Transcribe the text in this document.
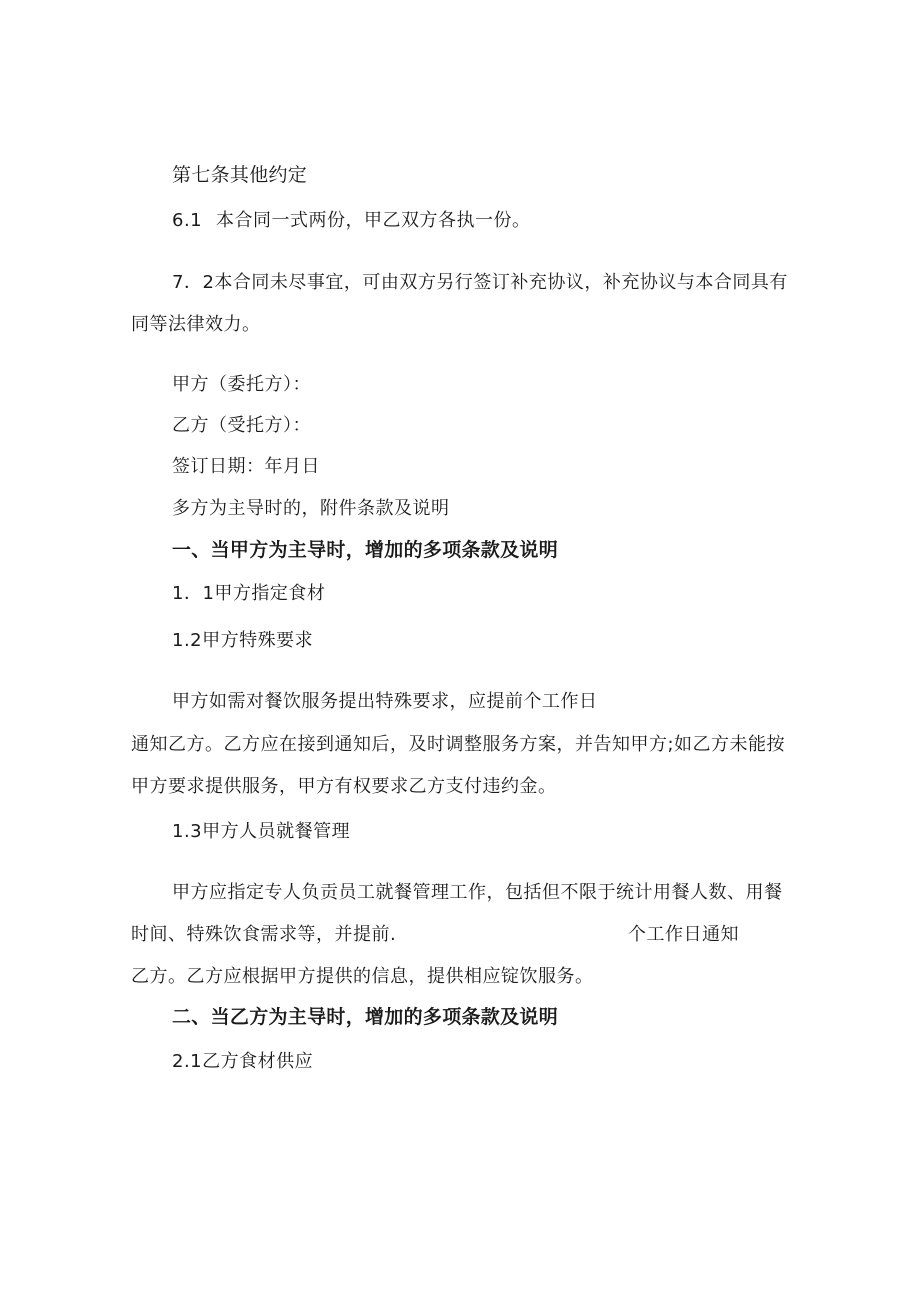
第七条其他约定
6.1 本合同一式两份，甲乙双方各执一份。
7．2本合同未尽事宜，可由双方另行签订补充协议，补充协议与本合同具有
同等法律效力。
甲方（委托方）：
乙方（受托方）：
签订日期：年月日
多方为主导时的，附件条款及说明
一、当甲方为主导时，增加的多项条款及说明
1．1甲方指定食材
1.2甲方特殊要求
甲方如需对餐饮服务提出特殊要求，应提前个工作日
通知乙方。乙方应在接到通知后，及时调整服务方案，并告知甲方;如乙方未能按
甲方要求提供服务，甲方有权要求乙方支付违约金。
1.3甲方人员就餐管理
甲方应指定专人负贡员工就餐管理工作，包括但不限于统计用餐人数、用餐
时间、特殊饮食需求等，并提前.	个工作日通知
乙方。乙方应根据甲方提供的信息，提供相应锭饮服务。
二、当乙方为主导时，增加的多项条款及说明
2.1乙方食材供应
